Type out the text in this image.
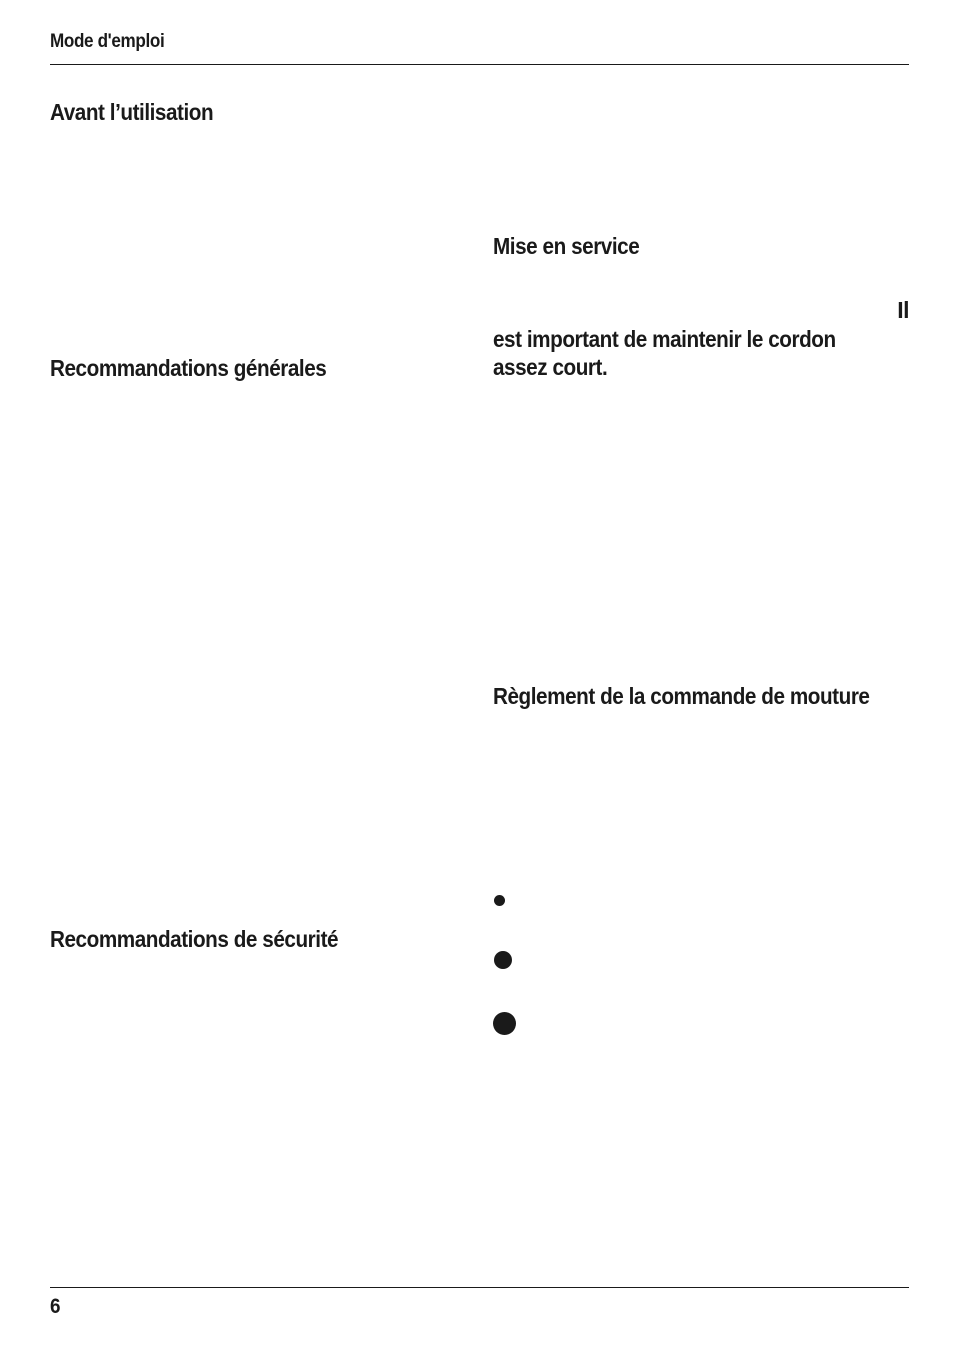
Mode d'emploi
Avant l’utilisation
Recommandations générales
Recommandations de sécurité
Mise en service
Il
est important de maintenir le cordon
assez court.
Règlement de la commande de mouture
6
